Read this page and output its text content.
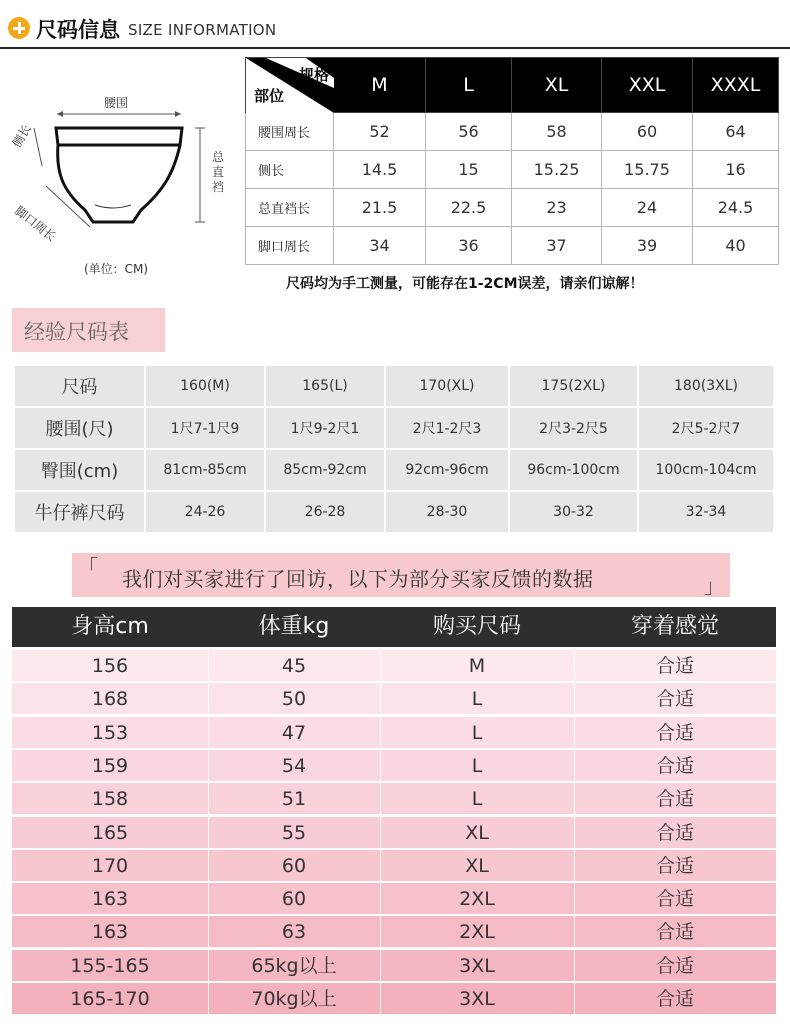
尺码信息 SIZE INFORMATION
腰围
侧长
总直裆
脚口周长
(单位：CM)
规格
部位	M	L	XL	XXL	XXXL
腰围周长	52	56	58	60	64
侧长	14.5	15	15.25	15.75	16
总直裆长	21.5	22.5	23	24	24.5
脚口周长	34	36	37	39	40
尺码均为手工测量，可能存在1-2CM误差，请亲们谅解！
经验尺码表
尺码	160(M)	165(L)	170(XL)	175(2XL)	180(3XL)
腰围(尺)	1尺7-1尺9	1尺9-2尺1	2尺1-2尺3	2尺3-2尺5	2尺5-2尺7
臀围(cm)	81cm-85cm	85cm-92cm	92cm-96cm	96cm-100cm	100cm-104cm
牛仔裤尺码	24-26	26-28	28-30	30-32	32-34
「 我们对买家进行了回访，以下为部分买家反馈的数据	」
身高cm	体重kg	购买尺码	穿着感觉
156	45	M	合适
168	50	L	合适
153	47	L	合适
159	54	L	合适
158	51	L	合适
165	55	XL	合适
170	60	XL	合适
163	60	2XL	合适
163	63	2XL	合适
155-165	65kg以上	3XL	合适
165-170	70kg以上	3XL	合适
